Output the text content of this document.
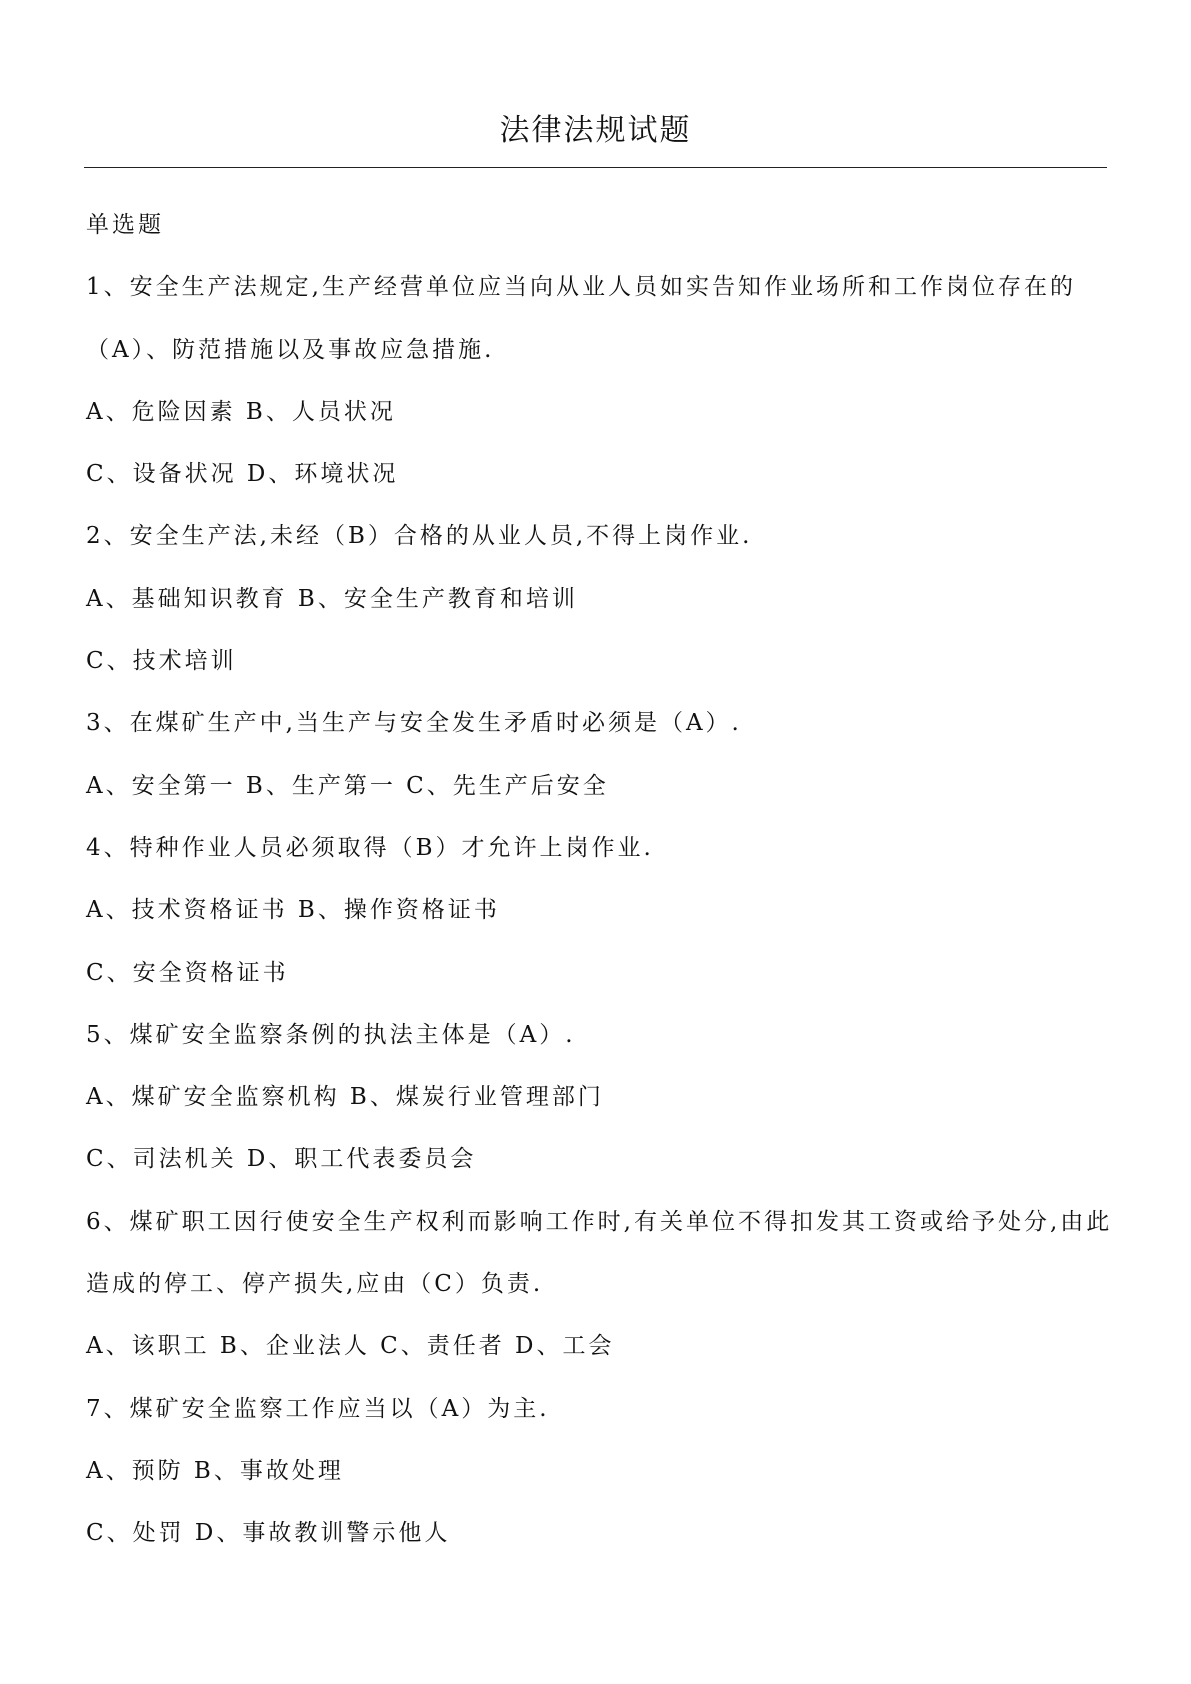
法律法规试题
单选题
1、安全生产法规定,生产经营单位应当向从业人员如实告知作业场所和工作岗位存在的
（A）、防范措施以及事故应急措施.
A、危险因素 B、人员状况
C、设备状况 D、环境状况
2、安全生产法,未经（B）合格的从业人员,不得上岗作业.
A、基础知识教育 B、安全生产教育和培训
C、技术培训
3、在煤矿生产中,当生产与安全发生矛盾时必须是（A）.
A、安全第一 B、生产第一 C、先生产后安全
4、特种作业人员必须取得（B）才允许上岗作业.
A、技术资格证书 B、操作资格证书
C、安全资格证书
5、煤矿安全监察条例的执法主体是（A）.
A、煤矿安全监察机构 B、煤炭行业管理部门
C、司法机关 D、职工代表委员会
6、煤矿职工因行使安全生产权利而影响工作时,有关单位不得扣发其工资或给予处分,由此
造成的停工、停产损失,应由（C）负责.
A、该职工 B、企业法人 C、责任者 D、工会
7、煤矿安全监察工作应当以（A）为主.
A、预防 B、事故处理
C、处罚 D、事故教训警示他人
